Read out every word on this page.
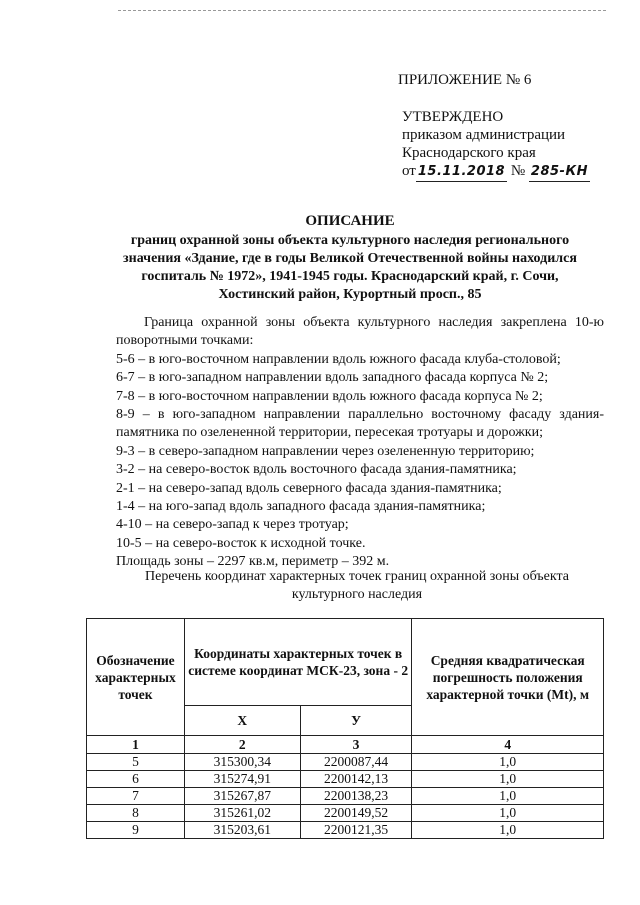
ПРИЛОЖЕНИЕ № 6
УТВЕРЖДЕНО
приказом администрации
Краснодарского края
от 15.11.2018 № 285-КН
ОПИСАНИЕ
границ охранной зоны объекта культурного наследия регионального
значения «Здание, где в годы Великой Отечественной войны находился
госпиталь № 1972», 1941-1945 годы. Краснодарский край, г. Сочи,
Хостинский район, Курортный просп., 85

Граница охранной зоны объекта культурного наследия закреплена 10-ю поворотными точками:

5-6 – в юго-восточном направлении вдоль южного фасада клуба-столовой;

6-7 – в юго-западном направлении вдоль западного фасада корпуса № 2;

7-8 – в юго-восточном направлении вдоль южного фасада корпуса № 2;

8-9 – в юго-западном направлении параллельно восточному фасаду здания-памятника по озелененной территории, пересекая тротуары и дорожки;

9-3 – в северо-западном направлении через озелененную территорию;

3-2 – на северо-восток вдоль восточного фасада здания-памятника;

2-1 – на северо-запад вдоль северного фасада здания-памятника;

1-4 – на юго-запад вдоль западного фасада здания-памятника;

4-10 – на северо-запад к через тротуар;

10-5 – на северо-восток к исходной точке.

Площадь зоны – 2297 кв.м, периметр – 392 м.

Перечень координат характерных точек границ охранной зоны объекта
культурного наследия
Обозначение характерных точек	Координаты характерных точек в системе координат МСК-23, зона - 2		Средняя квадратическая погрешность положения характерной точки (Mt), м
	Х	У	
1	2	3	4
5	315300,34	2200087,44	1,0
6	315274,91	2200142,13	1,0
7	315267,87	2200138,23	1,0
8	315261,02	2200149,52	1,0
9	315203,61	2200121,35	1,0
